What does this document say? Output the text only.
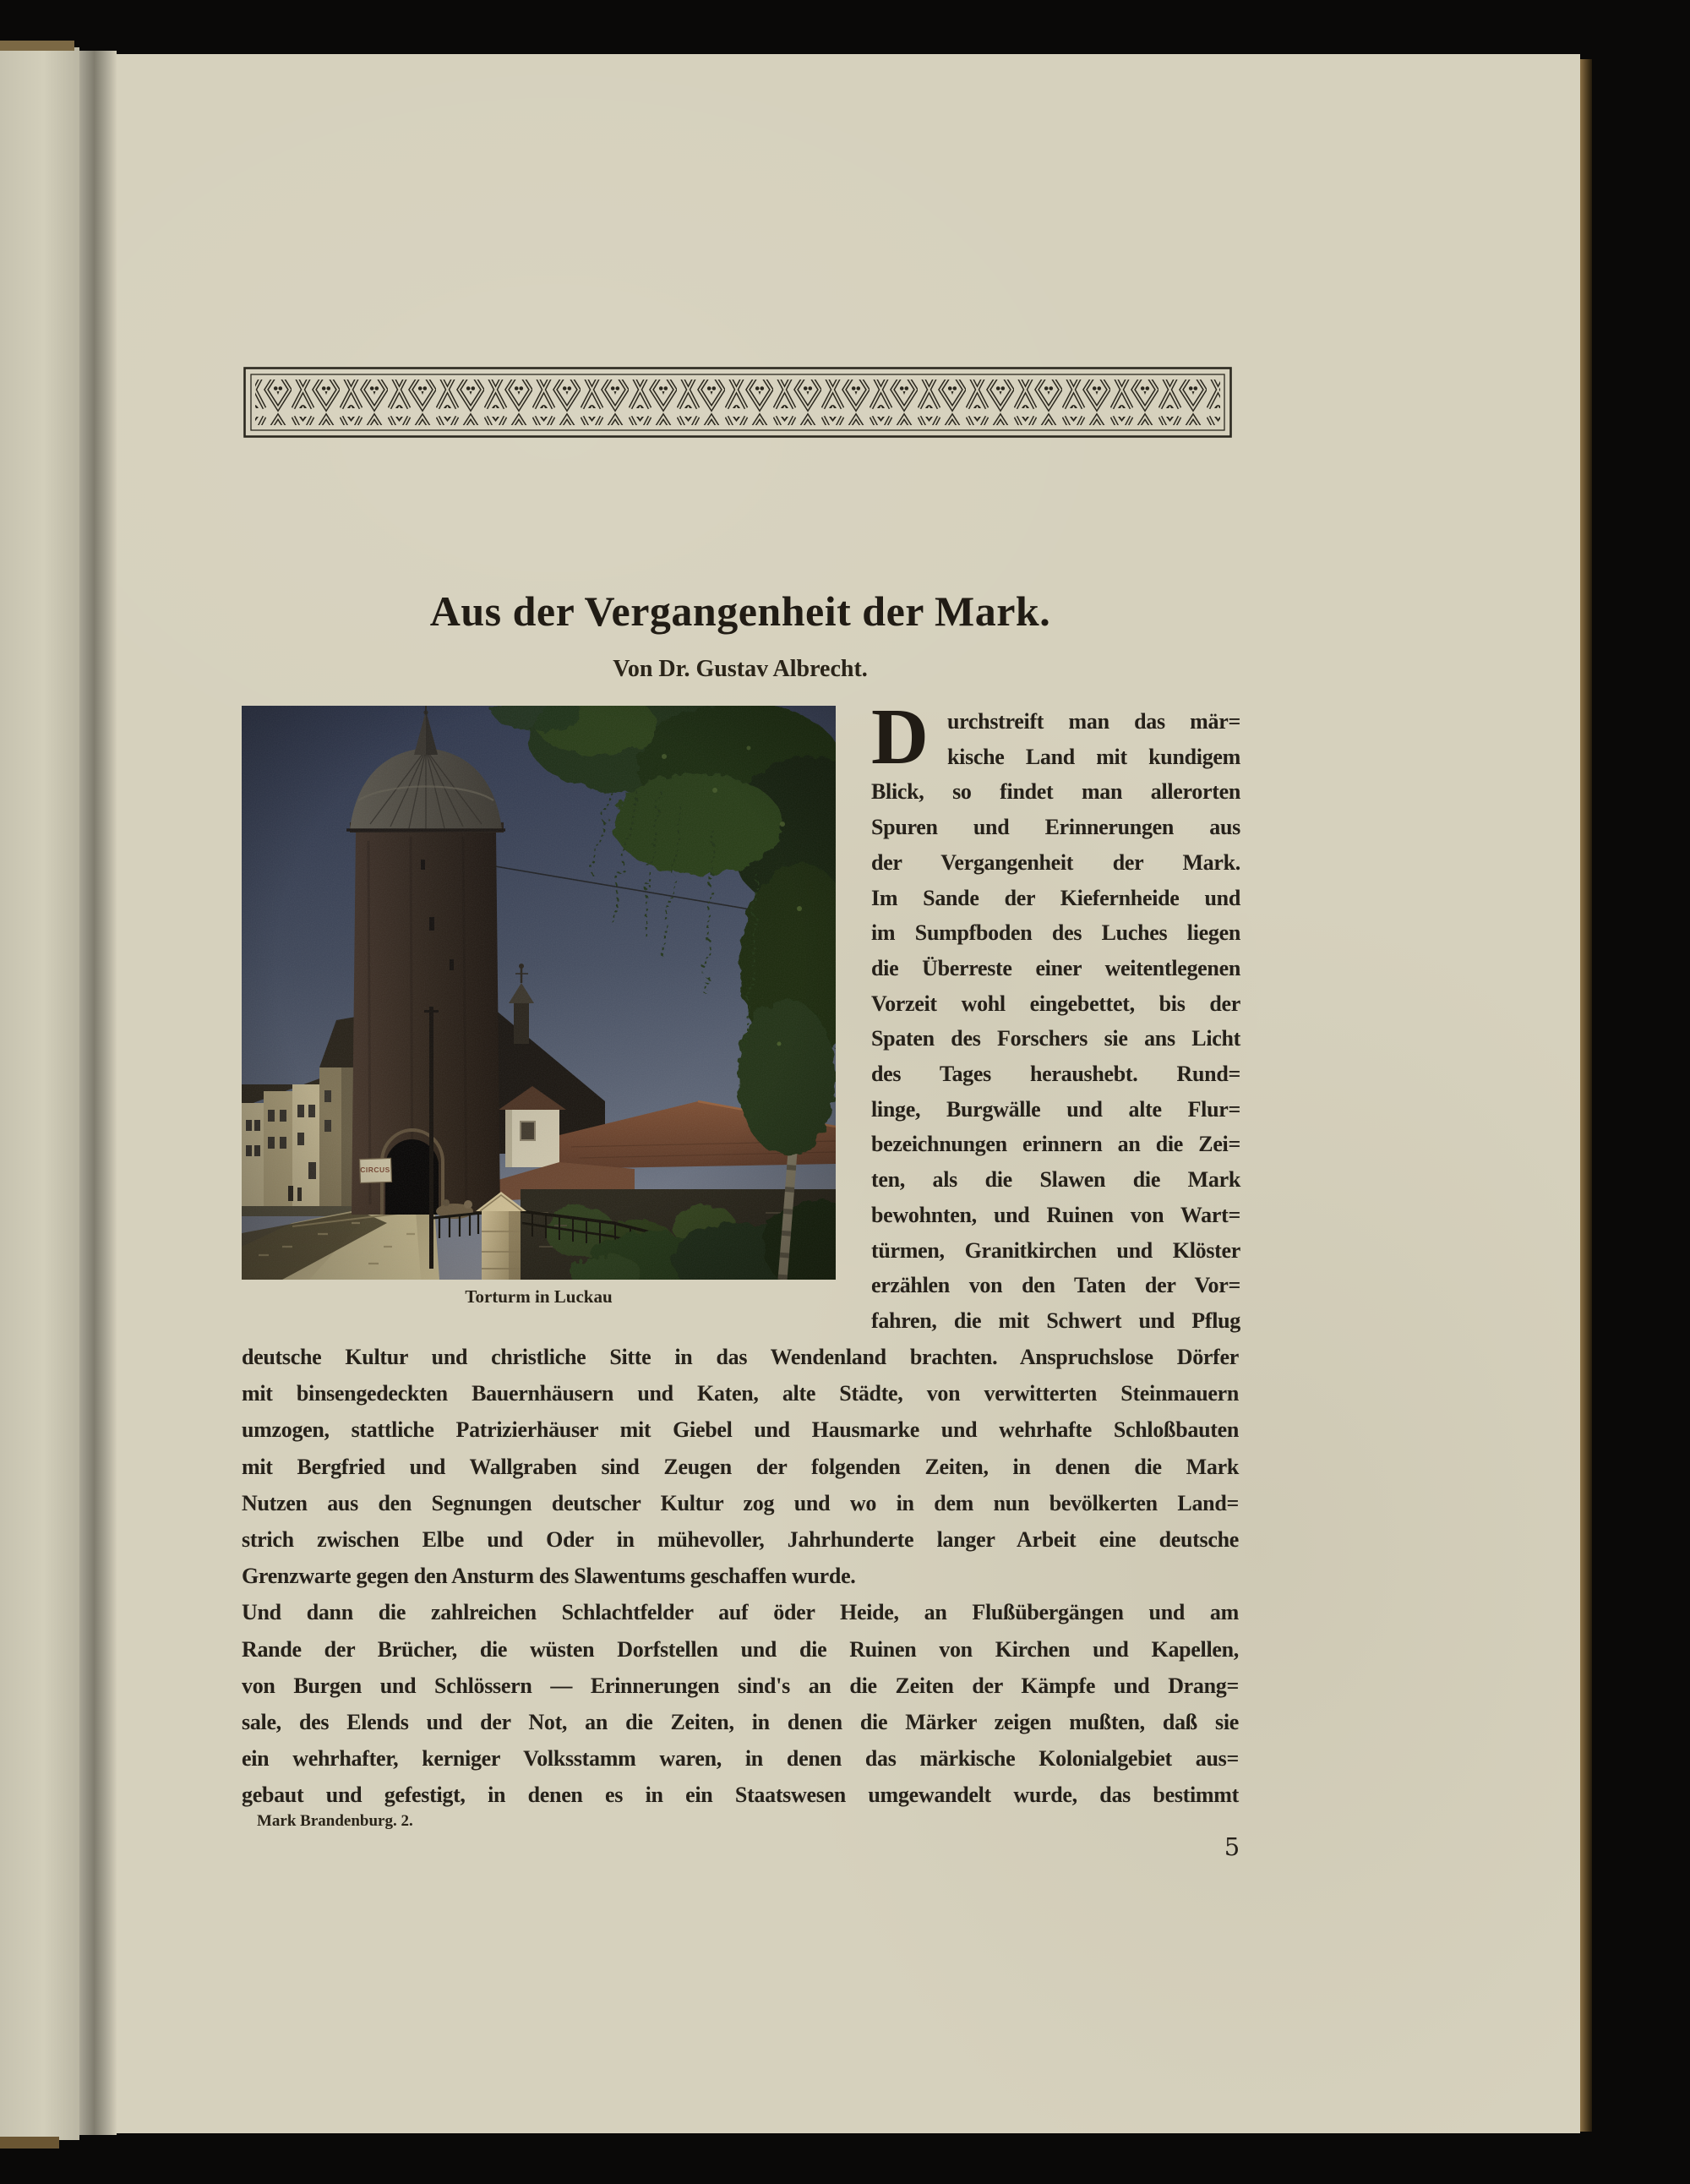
Aus der Vergangenheit der Mark.
Von Dr. Gustav Albrecht.
Torturm in Luckau
D urchstreift man das mär=
kische Land mit kundigem
Blick, so findet man allerorten
Spuren und Erinnerungen aus
der Vergangenheit der Mark.
Im Sande der Kiefernheide und
im Sumpfboden des Luches liegen
die Überreste einer weitentlegenen
Vorzeit wohl eingebettet, bis der
Spaten des Forschers sie ans Licht
des Tages heraushebt. Rund=
linge, Burgwälle und alte Flur=
bezeichnungen erinnern an die Zei=
ten, als die Slawen die Mark
bewohnten, und Ruinen von Wart=
türmen, Granitkirchen und Klöster
erzählen von den Taten der Vor=
fahren, die mit Schwert und Pflug
deutsche Kultur und christliche Sitte in das Wendenland brachten. Anspruchslose Dörfer
mit binsengedeckten Bauernhäusern und Katen, alte Städte, von verwitterten Steinmauern
umzogen, stattliche Patrizierhäuser mit Giebel und Hausmarke und wehrhafte Schloßbauten
mit Bergfried und Wallgraben sind Zeugen der folgenden Zeiten, in denen die Mark
Nutzen aus den Segnungen deutscher Kultur zog und wo in dem nun bevölkerten Land=
strich zwischen Elbe und Oder in mühevoller, Jahrhunderte langer Arbeit eine deutsche
Grenzwarte gegen den Ansturm des Slawentums geschaffen wurde.
Und dann die zahlreichen Schlachtfelder auf öder Heide, an Flußübergängen und am
Rande der Brücher, die wüsten Dorfstellen und die Ruinen von Kirchen und Kapellen,
von Burgen und Schlössern — Erinnerungen sind's an die Zeiten der Kämpfe und Drang=
sale, des Elends und der Not, an die Zeiten, in denen die Märker zeigen mußten, daß sie
ein wehrhafter, kerniger Volksstamm waren, in denen das märkische Kolonialgebiet aus=
gebaut und gefestigt, in denen es in ein Staatswesen umgewandelt wurde, das bestimmt
Mark Brandenburg. 2.
5
